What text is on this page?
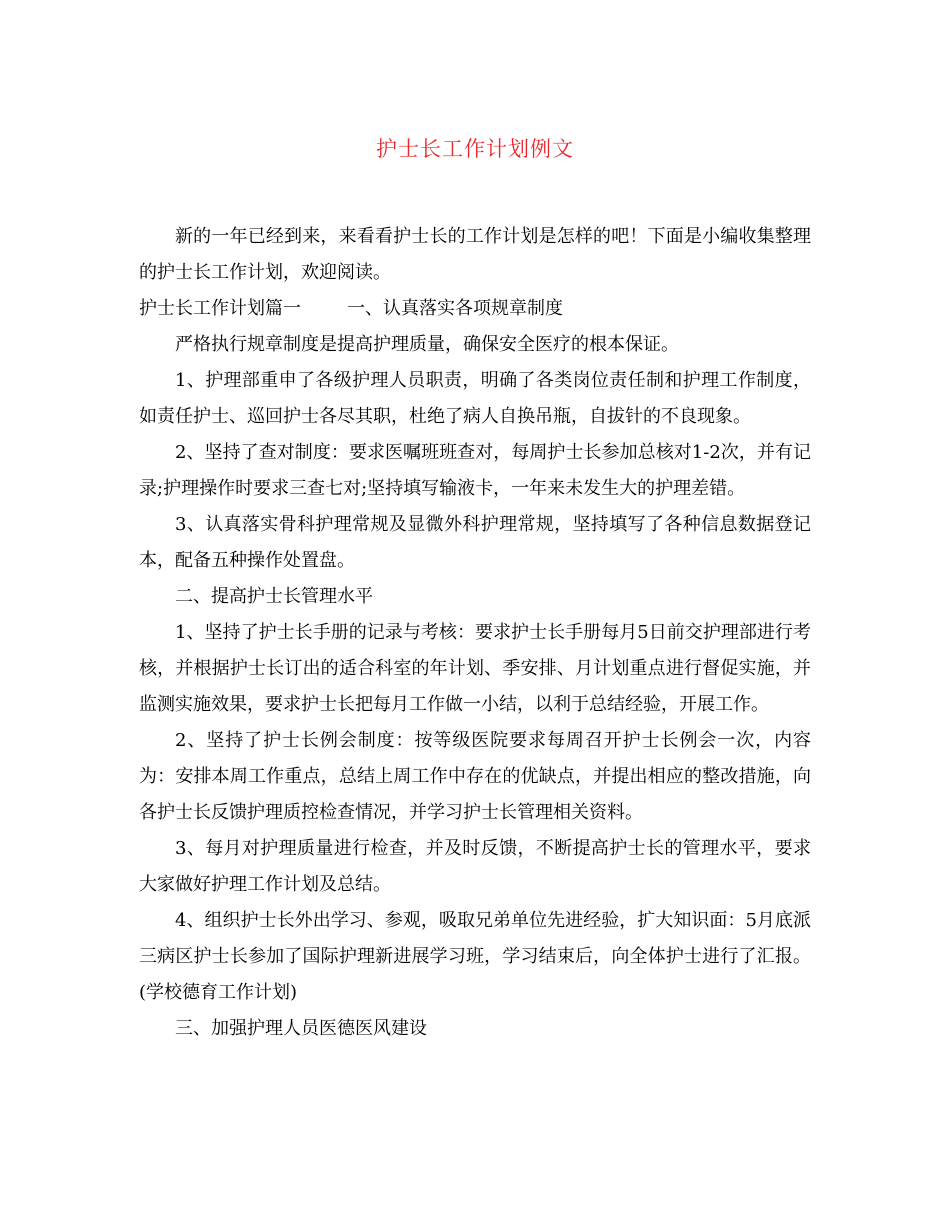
护士长工作计划例文

新的一年已经到来，来看看护士长的工作计划是怎样的吧！下面是小编收集整理的护士长工作计划，欢迎阅读。

护士长工作计划篇一	一、认真落实各项规章制度

严格执行规章制度是提高护理质量，确保安全医疗的根本保证。

1、护理部重申了各级护理人员职责，明确了各类岗位责任制和护理工作制度，如责任护士、巡回护士各尽其职，杜绝了病人自换吊瓶，自拔针的不良现象。

2、坚持了查对制度：要求医嘱班班查对，每周护士长参加总核对1-2次，并有记录;护理操作时要求三查七对;坚持填写输液卡，一年来未发生大的护理差错。

3、认真落实骨科护理常规及显微外科护理常规，坚持填写了各种信息数据登记本，配备五种操作处置盘。

二、提高护士长管理水平

1、坚持了护士长手册的记录与考核：要求护士长手册每月5日前交护理部进行考核，并根据护士长订出的适合科室的年计划、季安排、月计划重点进行督促实施，并监测实施效果，要求护士长把每月工作做一小结，以利于总结经验，开展工作。

2、坚持了护士长例会制度：按等级医院要求每周召开护士长例会一次，内容为：安排本周工作重点，总结上周工作中存在的优缺点，并提出相应的整改措施，向各护士长反馈护理质控检查情况，并学习护士长管理相关资料。

3、每月对护理质量进行检查，并及时反馈，不断提高护士长的管理水平，要求大家做好护理工作计划及总结。

4、组织护士长外出学习、参观，吸取兄弟单位先进经验，扩大知识面：5月底派三病区护士长参加了国际护理新进展学习班，学习结束后，向全体护士进行了汇报。(学校德育工作计划)

三、加强护理人员医德医风建设
